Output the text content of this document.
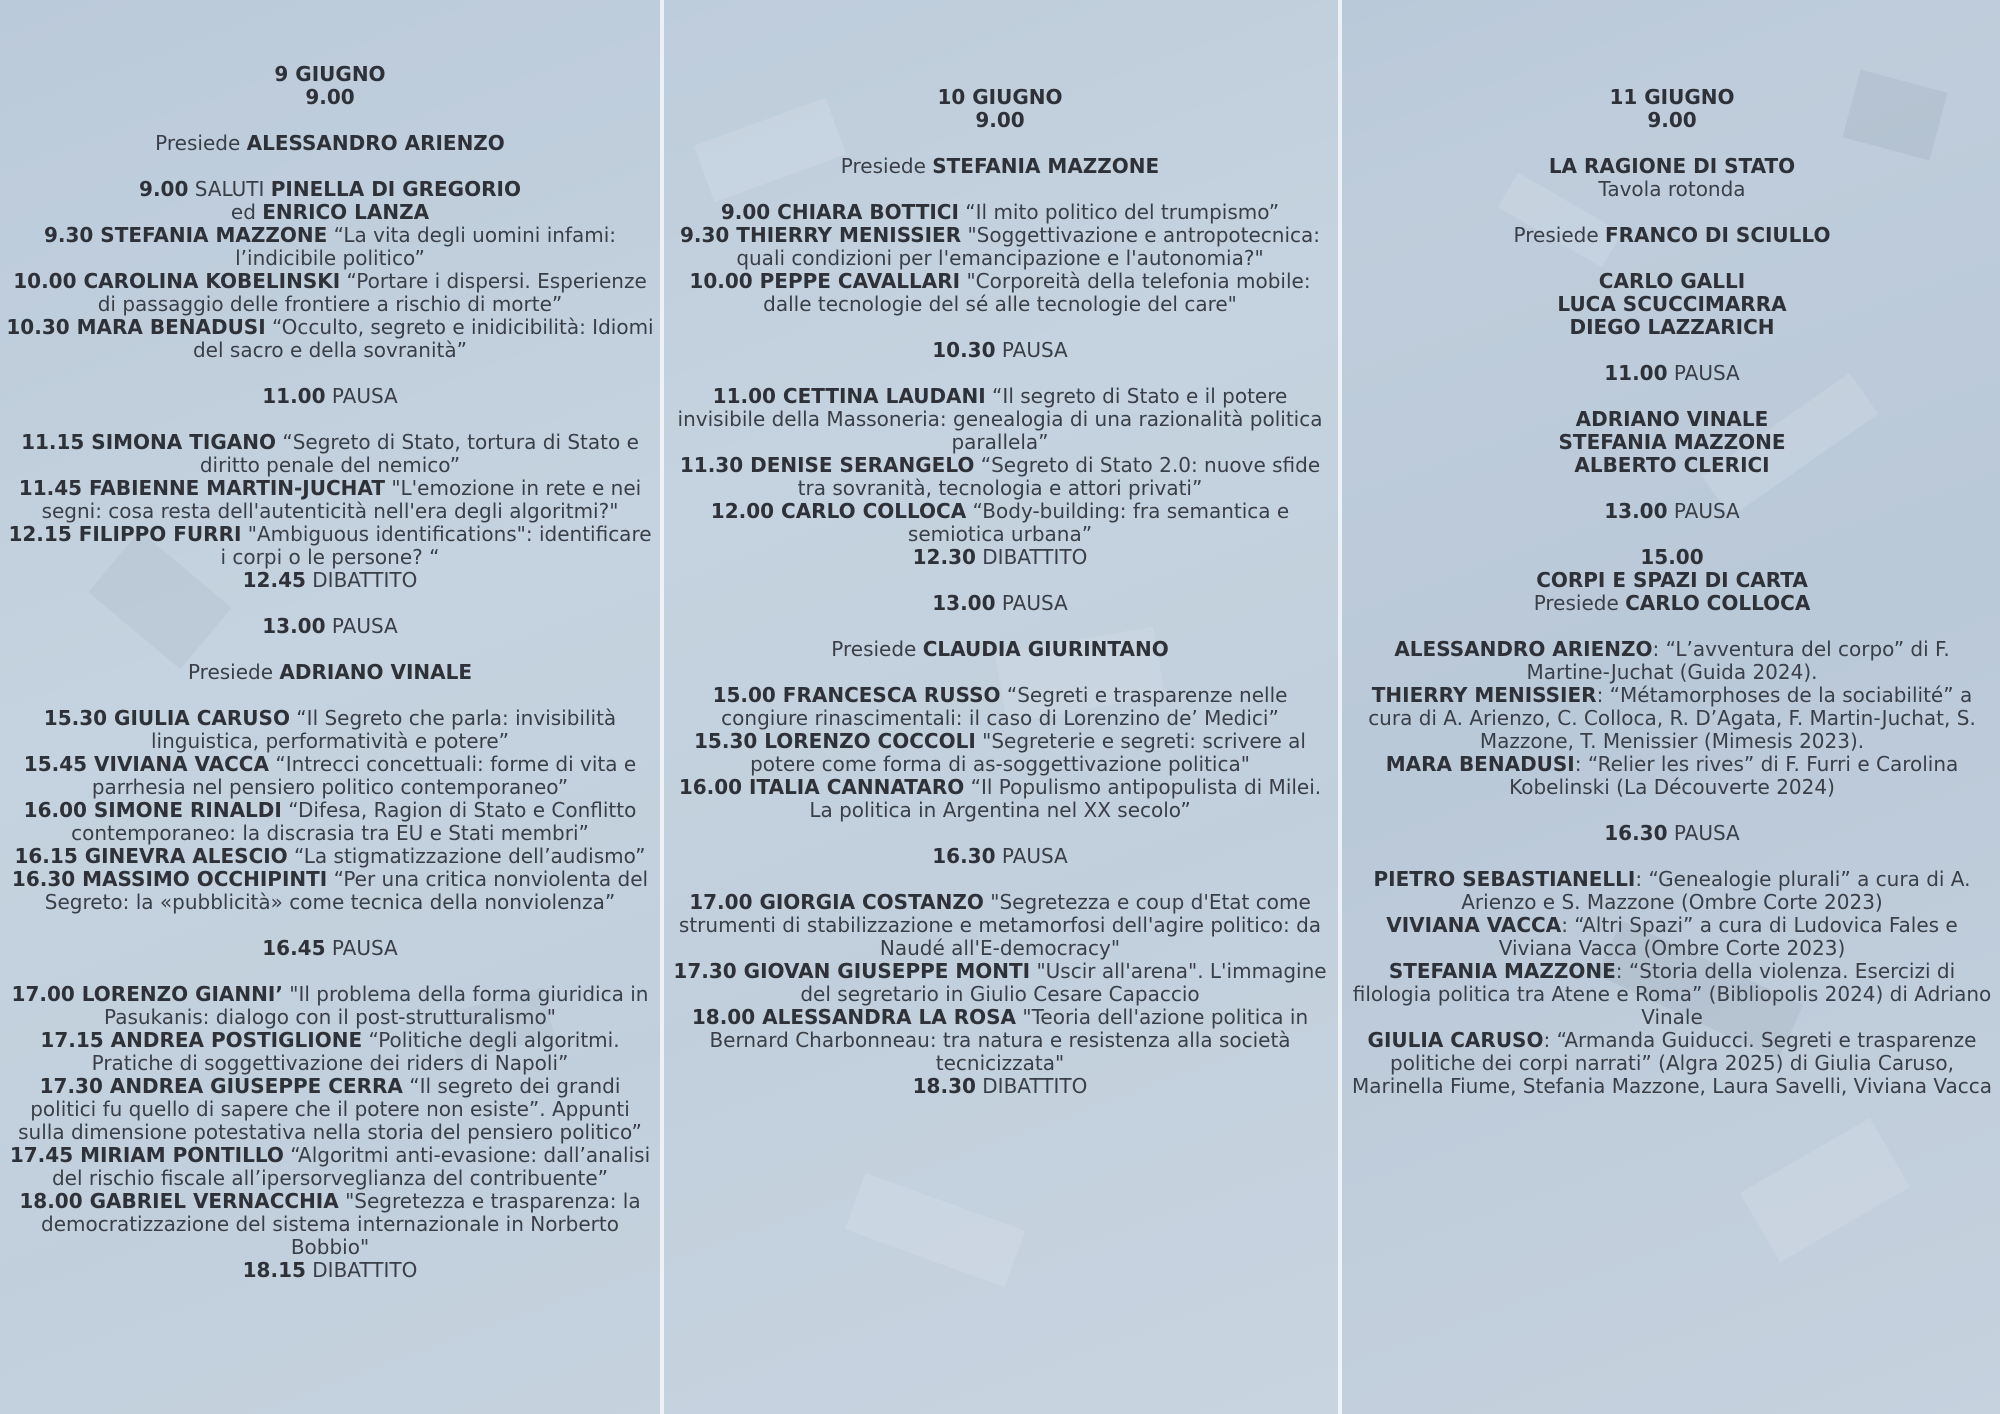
9 GIUGNO

9.00

Presiede ALESSANDRO ARIENZO

9.00 SALUTI PINELLA DI GREGORIO

ed ENRICO LANZA

9.30 STEFANIA MAZZONE “La vita degli uomini infami: l’indicibile politico”

10.00 CAROLINA KOBELINSKI “Portare i dispersi. Esperienze di passaggio delle frontiere a rischio di morte”

10.30 MARA BENADUSI “Occulto, segreto e inidicibilità: Idiomi del sacro e della sovranità”

11.00 PAUSA

11.15 SIMONA TIGANO “Segreto di Stato, tortura di Stato e diritto penale del nemico”

11.45 FABIENNE MARTIN-JUCHAT "L'emozione in rete e nei segni: cosa resta dell'autenticità nell'era degli algoritmi?"

12.15 FILIPPO FURRI "Ambiguous identifications": identificare i corpi o le persone? “

12.45 DIBATTITO

13.00 PAUSA

Presiede ADRIANO VINALE

15.30 GIULIA CARUSO “Il Segreto che parla: invisibilità linguistica, performatività e potere”

15.45 VIVIANA VACCA “Intrecci concettuali: forme di vita e parrhesia nel pensiero politico contemporaneo”

16.00 SIMONE RINALDI “Difesa, Ragion di Stato e Conflitto contemporaneo: la discrasia tra EU e Stati membri”

16.15 GINEVRA ALESCIO “La stigmatizzazione dell’audismo”

16.30 MASSIMO OCCHIPINTI “Per una critica nonviolenta del Segreto: la «pubblicità» come tecnica della nonviolenza”

16.45 PAUSA

17.00 LORENZO GIANNI’ "Il problema della forma giuridica in Pasukanis: dialogo con il post-strutturalismo"

17.15 ANDREA POSTIGLIONE “Politiche degli algoritmi. Pratiche di soggettivazione dei riders di Napoli”

17.30 ANDREA GIUSEPPE CERRA “Il segreto dei grandi politici fu quello di sapere che il potere non esiste”. Appunti sulla dimensione potestativa nella storia del pensiero politico”

17.45 MIRIAM PONTILLO “Algoritmi anti-evasione: dall’analisi del rischio fiscale all’ipersorveglianza del contribuente”

18.00 GABRIEL VERNACCHIA "Segretezza e trasparenza: la democratizzazione del sistema internazionale in Norberto Bobbio"

18.15 DIBATTITO

10 GIUGNO

9.00

Presiede STEFANIA MAZZONE

9.00 CHIARA BOTTICI “Il mito politico del trumpismo”

9.30 THIERRY MENISSIER "Soggettivazione e antropotecnica: quali condizioni per l'emancipazione e l'autonomia?"

10.00 PEPPE CAVALLARI "Corporeità della telefonia mobile: dalle tecnologie del sé alle tecnologie del care"

10.30 PAUSA

11.00 CETTINA LAUDANI “Il segreto di Stato e il potere invisibile della Massoneria: genealogia di una razionalità politica parallela”

11.30 DENISE SERANGELO “Segreto di Stato 2.0: nuove sfide tra sovranità, tecnologia e attori privati”

12.00 CARLO COLLOCA “Body-building: fra semantica e semiotica urbana”

12.30 DIBATTITO

13.00 PAUSA

Presiede CLAUDIA GIURINTANO

15.00 FRANCESCA RUSSO “Segreti e trasparenze nelle congiure rinascimentali: il caso di Lorenzino de’ Medici”

15.30 LORENZO COCCOLI "Segreterie e segreti: scrivere al potere come forma di as-soggettivazione politica"

16.00 ITALIA CANNATARO “Il Populismo antipopulista di Milei. La politica in Argentina nel XX secolo”

16.30 PAUSA

17.00 GIORGIA COSTANZO "Segretezza e coup d'Etat come strumenti di stabilizzazione e metamorfosi dell'agire politico: da Naudé all'E-democracy"

17.30 GIOVAN GIUSEPPE MONTI "Uscir all'arena". L'immagine del segretario in Giulio Cesare Capaccio

18.00 ALESSANDRA LA ROSA "Teoria dell'azione politica in Bernard Charbonneau: tra natura e resistenza alla società tecnicizzata"

18.30 DIBATTITO

11 GIUGNO

9.00

LA RAGIONE DI STATO

Tavola rotonda

Presiede FRANCO DI SCIULLO

CARLO GALLI

LUCA SCUCCIMARRA

DIEGO LAZZARICH

11.00 PAUSA

ADRIANO VINALE

STEFANIA MAZZONE

ALBERTO CLERICI

13.00 PAUSA

15.00

CORPI E SPAZI DI CARTA

Presiede CARLO COLLOCA

ALESSANDRO ARIENZO: “L’avventura del corpo” di F. Martine-Juchat (Guida 2024).

THIERRY MENISSIER: “Métamorphoses de la sociabilité” a cura di A. Arienzo, C. Colloca, R. D’Agata, F. Martin-Juchat, S. Mazzone, T. Menissier (Mimesis 2023).

MARA BENADUSI: “Relier les rives” di F. Furri e Carolina Kobelinski (La Découverte 2024)

16.30 PAUSA

PIETRO SEBASTIANELLI: “Genealogie plurali” a cura di A. Arienzo e S. Mazzone (Ombre Corte 2023)

VIVIANA VACCA: “Altri Spazi” a cura di Ludovica Fales e Viviana Vacca (Ombre Corte 2023)

STEFANIA MAZZONE: “Storia della violenza. Esercizi di filologia politica tra Atene e Roma” (Bibliopolis 2024) di Adriano Vinale

GIULIA CARUSO: “Armanda Guiducci. Segreti e trasparenze politiche dei corpi narrati” (Algra 2025) di Giulia Caruso, Marinella Fiume, Stefania Mazzone, Laura Savelli, Viviana Vacca
